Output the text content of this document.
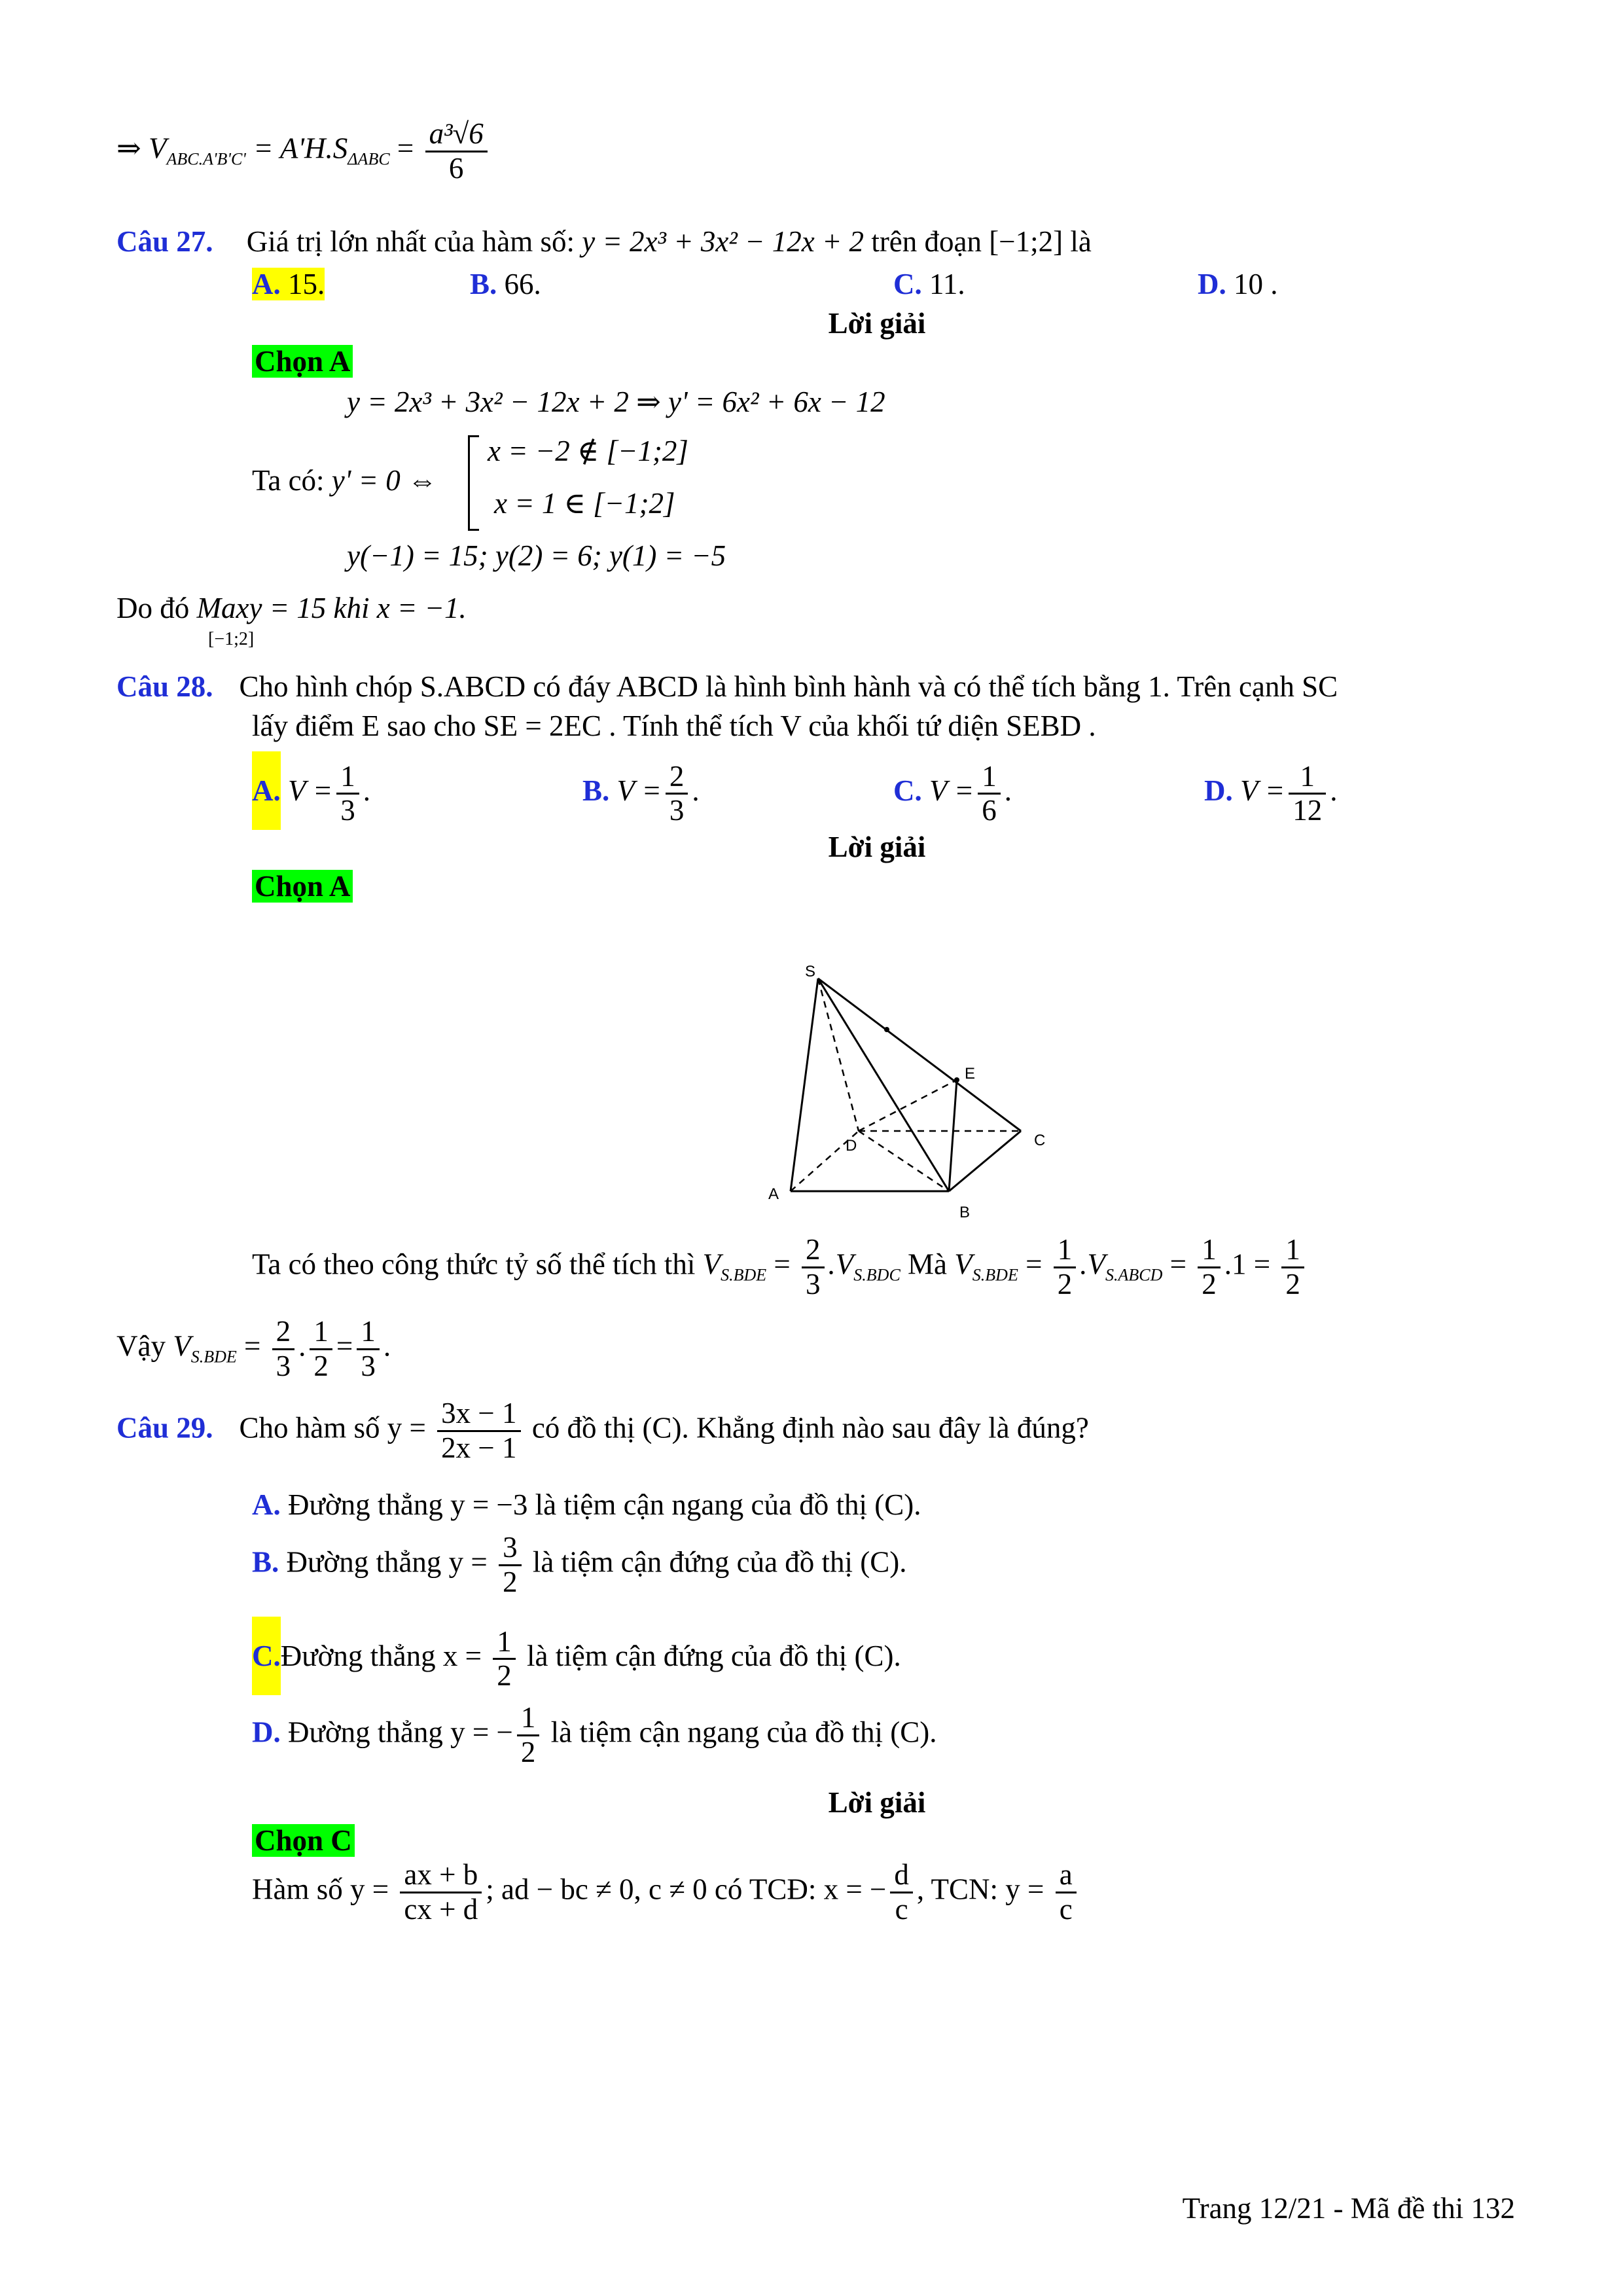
⇒ $V_{ABC.A'B'C'} = A'H.S_{\Delta ABC} = \frac{\text{a³√6}}{6}$
Câu 27. Giá trị lớn nhất của hàm số: y = 2x³ + 3x² − 12x + 2 trên đoạn [−1;2] là
A. 15.	B. 66.	C. 11.	D. 10 .
Lời giải
Chọn A
y = 2x³ + 3x² − 12x + 2 ⇒ y' = 6x² + 6x − 12
Ta có: y' = 0 ⇔
x = −2 ∉ [−1;2]
x = 1 ∈ [−1;2]
y(−1) = 15; y(2) = 6; y(1) = −5
Do đó Maxy = 15 khi x = −1.
[−1;2]
Câu 28. Cho hình chóp S.ABCD có đáy ABCD là hình bình hành và có thể tích bằng 1. Trên cạnh SC
lấy điểm E sao cho SE = 2EC . Tính thể tích V của khối tứ diện SEBD .
A. $V = \frac{1}{3}$ .	B. $V = \frac{2}{3}$ .	C. $V = \frac{1}{6}$ .	D. $V = \frac{1}{12}$ .
Lời giải
Chọn A
S
E
D	C
A
B
Ta có theo công thức tỷ số thể tích thì $V_{S.BDE} = \frac{2}{3} .V_{S.BDC}$ Mà $V_{S.BDE} = \frac{1}{2} .V_{S.ABCD} = \frac{1}{2} .1 = \frac{1}{2}$
Vậy $V_{S.BDE} = \frac{2}{3}$ . $\frac{1}{2} = \frac{1}{3}$ .
Câu 29. Cho hàm số $y = \frac{3x - 1}{2x - 1}$ có đồ thị (C). Khẳng định nào sau đây là đúng?
A. Đường thẳng y = −3 là tiệm cận ngang của đồ thị (C).
B. Đường thẳng $y = \frac{3}{2}$ là tiệm cận đứng của đồ thị (C).
C.Đường thẳng $x = \frac{1}{2}$ là tiệm cận đứng của đồ thị (C).
D. Đường thẳng y = − $\frac{1}{2}$ là tiệm cận ngang của đồ thị (C).
Lời giải
Chọn C
Hàm số $y = \frac{ax + b}{cx + d}$ ; ad − bc ≠ 0, c ≠ 0 có TCĐ: x = − $\frac{d}{c}$ , TCN: $y = \frac{a}{c}$
Trang 12/21 - Mã đề thi 132
